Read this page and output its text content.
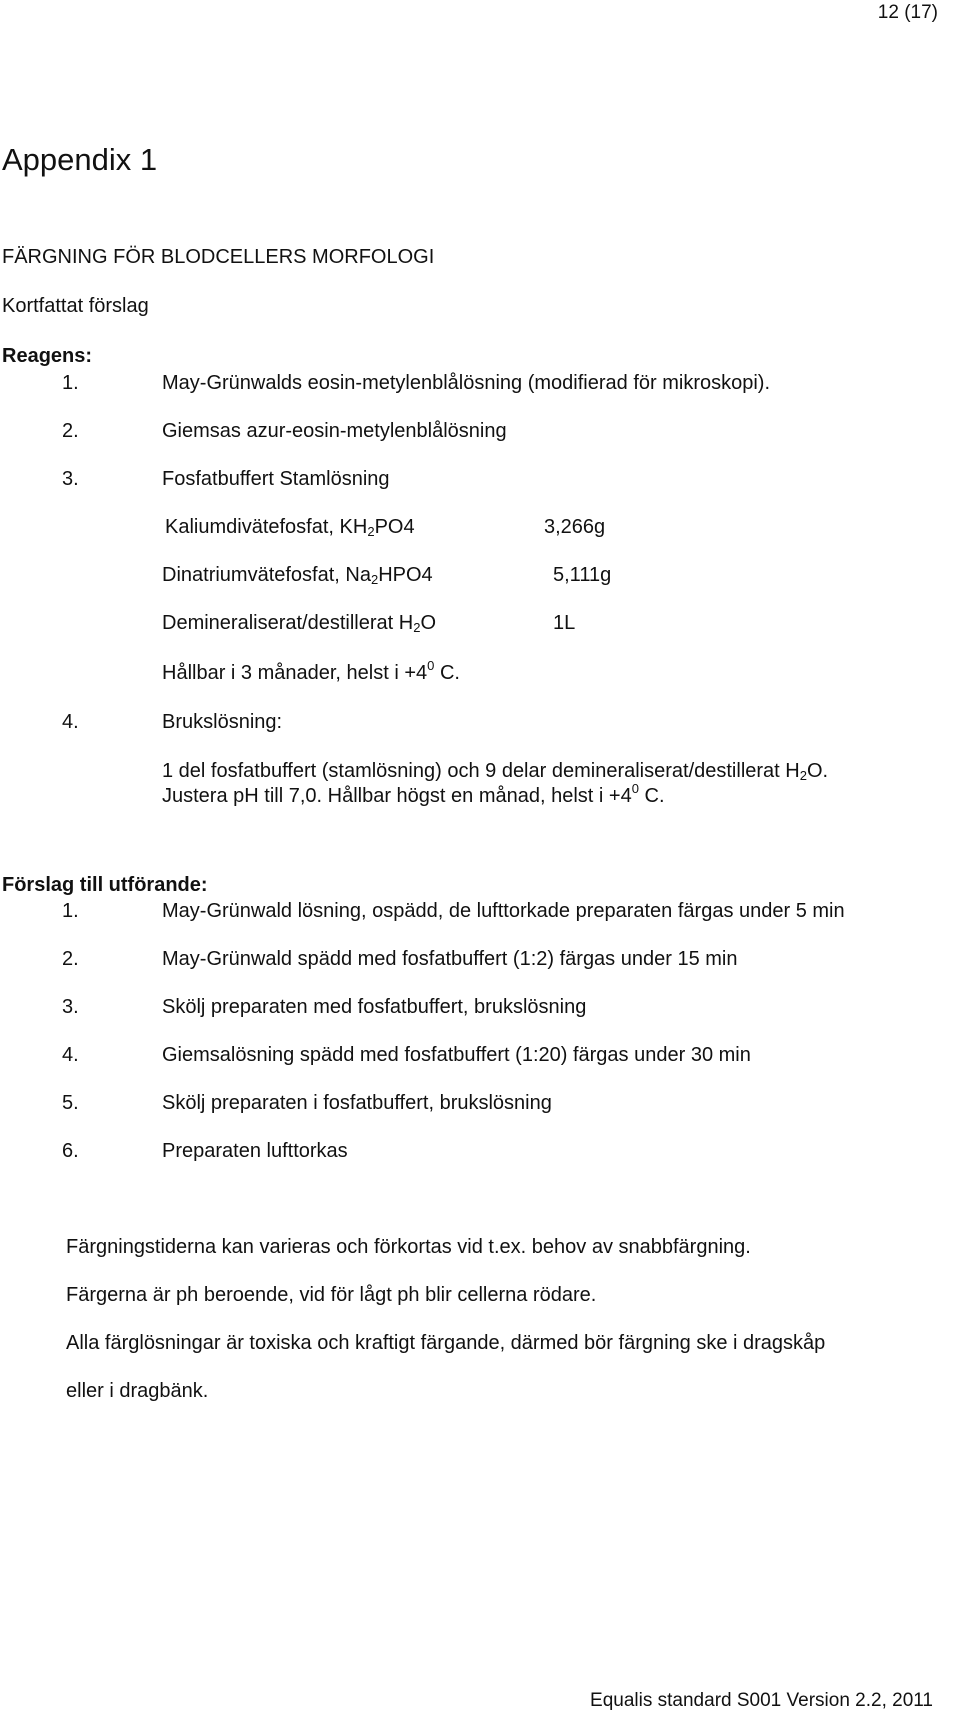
12 (17)
Appendix 1
FÄRGNING FÖR BLODCELLERS MORFOLOGI
Kortfattat förslag
Reagens:
1.	May-Grünwalds eosin-metylenblålösning (modifierad för mikroskopi).
2.	Giemsas azur-eosin-metylenblålösning
3.	Fosfatbuffert Stamlösning
Kaliumdivätefosfat, $KH_2PO4$	3,266g
Dinatriumvätefosfat, $Na_2HPO4$	5,111g
Demineraliserat/destillerat $H_2O$	1L
Hållbar i 3 månader, helst $i +4^0$ C.
4.	Brukslösning:
1 del fosfatbuffert (stamlösning) och 9 delar demineraliserat/destillerat $H_2O$.
Justera pH till 7,0. Hållbar högst en månad, helst $i +4^0$ C.
Förslag till utförande:
1.	May-Grünwald lösning, ospädd, de lufttorkade preparaten färgas under 5 min
2.	May-Grünwald spädd med fosfatbuffert (1:2) färgas under 15 min
3.	Skölj preparaten med fosfatbuffert, brukslösning
4.	Giemsalösning spädd med fosfatbuffert (1:20) färgas under 30 min
5.	Skölj preparaten i fosfatbuffert, brukslösning
6.	Preparaten lufttorkas
Färgningstiderna kan varieras och förkortas vid t.ex. behov av snabbfärgning.
Färgerna är ph beroende, vid för lågt ph blir cellerna rödare.
Alla färglösningar är toxiska och kraftigt färgande, därmed bör färgning ske i dragskåp
eller i dragbänk.
Equalis standard S001 Version 2.2, 2011
